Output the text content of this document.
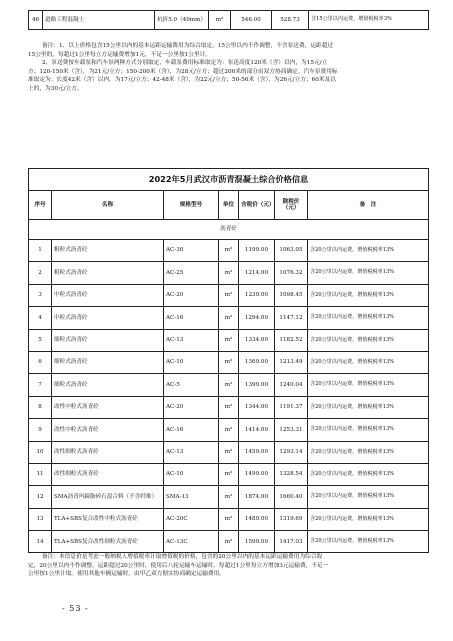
46	道路工程混凝土	抗折5.0（40mm）	m³	546.00	528.73	含15公里以内运费，增值税税率3%
备注：1、以上价格包含15公里以内的基本运距运输费用为综合取定，15公里以内不作调整，不含泵送费，运距超过
15公里的，每超过1公里每立方运输费增加1元，不足一公里按1公里计。
2、泵送费按车载泵和汽车泵两种方式分别取定，车载泵费用标准取定为：泵送高度120米（含）以内，为15元/立
方；120-150米（含），为21元/立方；150-200米（含），为28元/立方；超过200米的部分由双方协商确定。汽车泵费用标
准取定为：长度42米（含）以内，为17元/立方；42-48米（含），为22元/立方；50-56米（含），为26元/立方；60米及以
上的，为30元/立方。
2022年5月武汉市沥青混凝土综合价格信息						
序号	名称	规格型号	单位	含税价（元）	除税价（元）	备　注
沥青砼						
1	粗粒式沥青砼	AC-30	m³	1199.00	1063.05	含20公里以内运费，增值税税率13%
2	粗粒式沥青砼	AC-25	m³	1214.00	1076.32	含20公里以内运费，增值税税率13%
3	中粒式沥青砼	AC-20	m³	1239.00	1098.45	含20公里以内运费，增值税税率13%
4	中粒式沥青砼	AC-16	m³	1294.00	1147.12	含20公里以内运费，增值税税率13%
5	细粒式沥青砼	AC-13	m³	1334.00	1182.52	含20公里以内运费，增值税税率13%
6	细粒式沥青砼	AC-10	m³	1369.00	1213.49	含20公里以内运费，增值税税率13%
7	细粒式沥青砼	AC-5	m³	1399.00	1240.04	含20公里以内运费，增值税税率13%
8	改性中粒式沥青砼	AC-20	m³	1344.00	1191.37	含20公里以内运费，增值税税率13%
9	改性中粒式沥青砼	AC-16	m³	1414.00	1253.31	含20公里以内运费，增值税税率13%
10	改性细粒式沥青砼	AC-13	m³	1459.00	1293.14	含20公里以内运费，增值税税率13%
11	改性细粒式沥青砼	AC-10	m³	1499.00	1328.54	含20公里以内运费，增值税税率13%
12	SMA沥青玛蹄脂碎石混合料（不含纤维）	SMA-13	m³	1874.00	1660.40	含20公里以内运费，增值税税率13%
13	TLA+SBS复合改性中粒式沥青砼	AC-20C	m³	1489.00	1319.69	含20公里以内运费，增值税税率13%
14	TLA+SBS复合改性细粒式沥青砼	AC-13C	m³	1599.00	1417.03	含20公里以内运费，增值税税率13%
备注：本信息价是考虑一般纳税人增值税率计取增值税的价格，包含的20公里以内的基本运距运输费用为综合取
定，20公里以内不作调整。运距超过20公里时，使用后八轮运输车运输时，每超过1公里每立方增加3元运输费，不足一
公里按1公里计取。使用其他车辆运输时，由甲乙双方据实协商确定运输费用。
- 53 -
